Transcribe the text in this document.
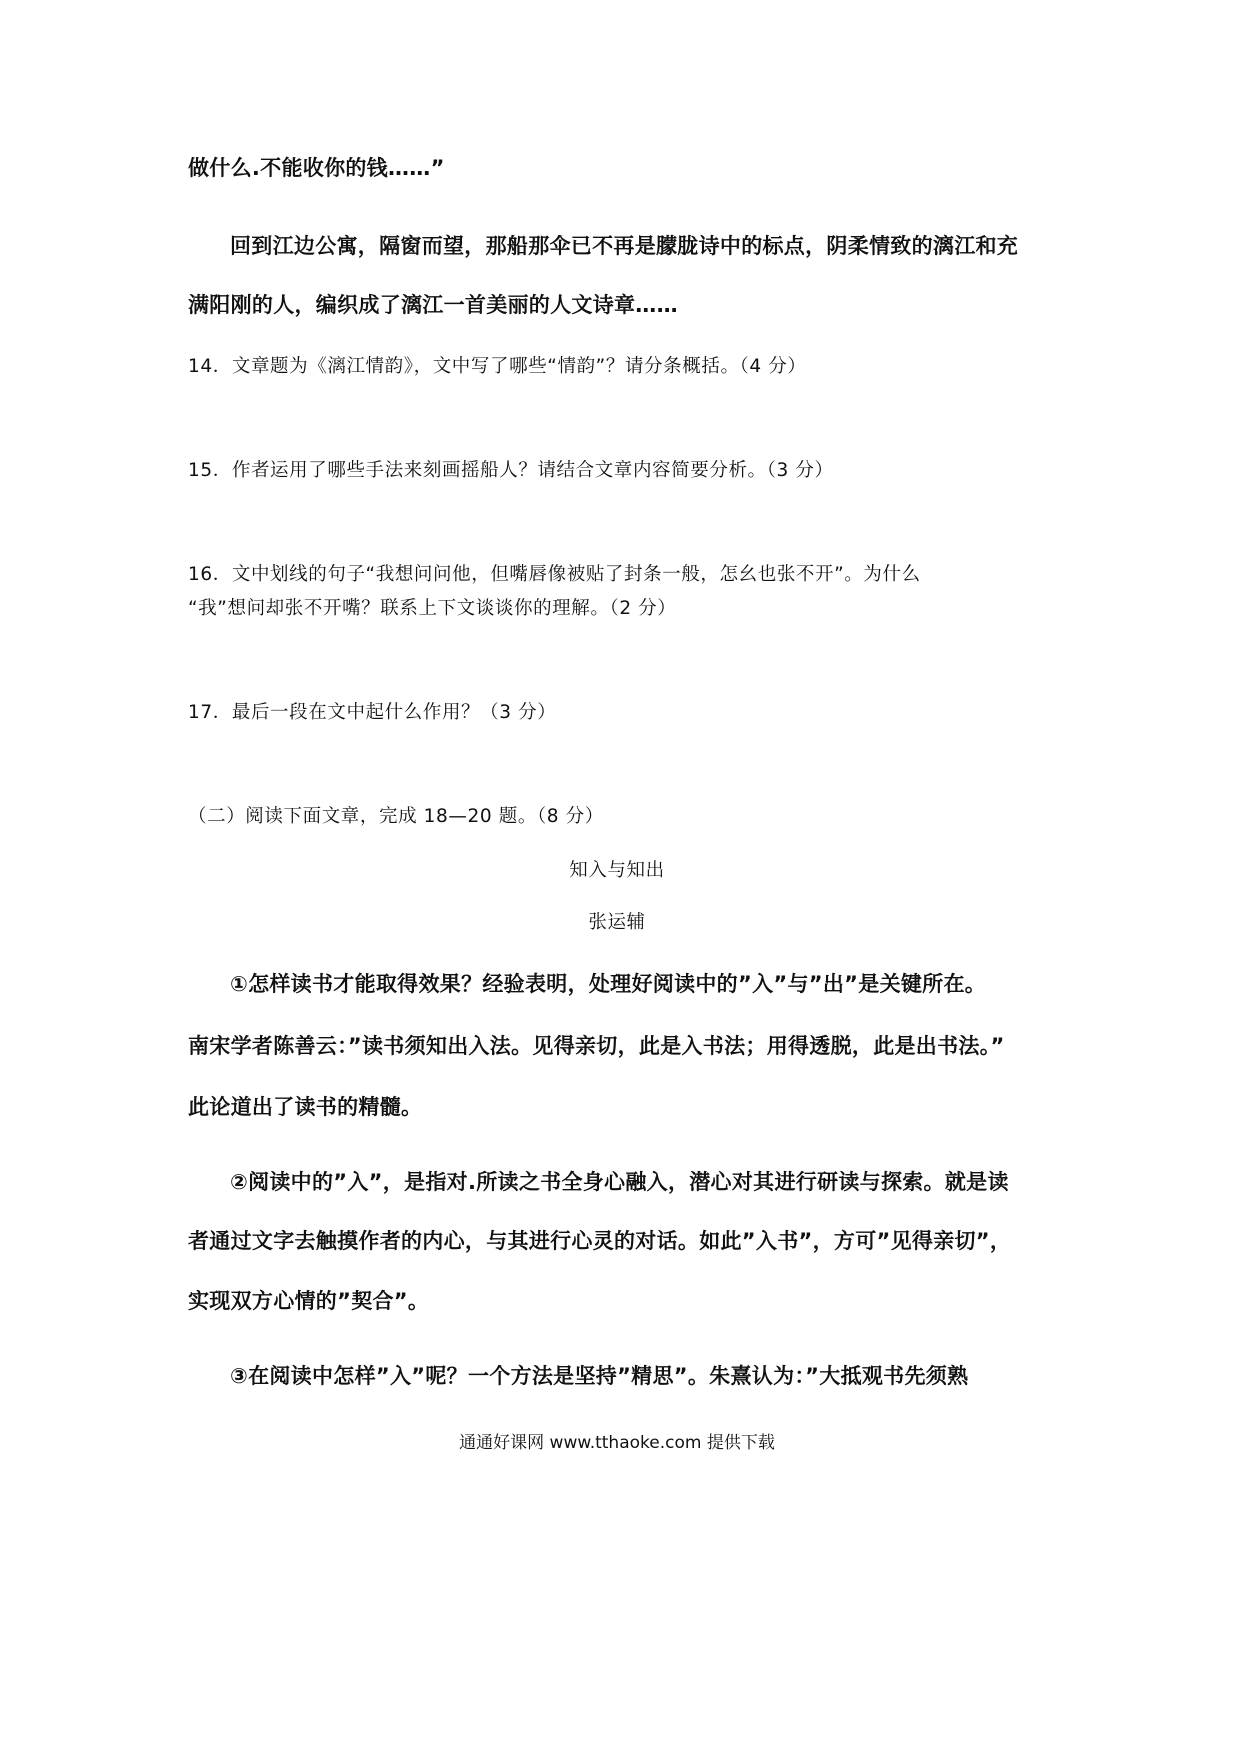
做什么.不能收你的钱……”
回到江边公寓，隔窗而望，那船那伞已不再是朦胧诗中的标点，阴柔情致的漓江和充
满阳刚的人，编织成了漓江一首美丽的人文诗章……
14．文章题为《漓江情韵》，文中写了哪些“情韵”？请分条概括。（4 分）
15．作者运用了哪些手法来刻画摇船人？请结合文章内容简要分析。（3 分）
16．文中划线的句子“我想问问他，但嘴唇像被贴了封条一般，怎幺也张不开”。为什么
“我”想问却张不开嘴？联系上下文谈谈你的理解。（2 分）
17．最后一段在文中起什么作用？（3 分）
（二）阅读下面文章，完成 18—20 题。（8 分）
知入与知出
张运辅
①怎样读书才能取得效果？经验表明，处理好阅读中的”入”与”出”是关键所在。
南宋学者陈善云：”读书须知出入法。见得亲切，此是入书法；用得透脱，此是出书法。”
此论道出了读书的精髓。
②阅读中的”入”，是指对.所读之书全身心融入，潜心对其进行研读与探索。就是读
者通过文字去触摸作者的内心，与其进行心灵的对话。如此”入书”，方可”见得亲切”，
实现双方心情的”契合”。
③在阅读中怎样”入”呢？一个方法是坚持”精思”。朱熹认为：”大抵观书先须熟
通通好课网 www.tthaoke.com 提供下载
